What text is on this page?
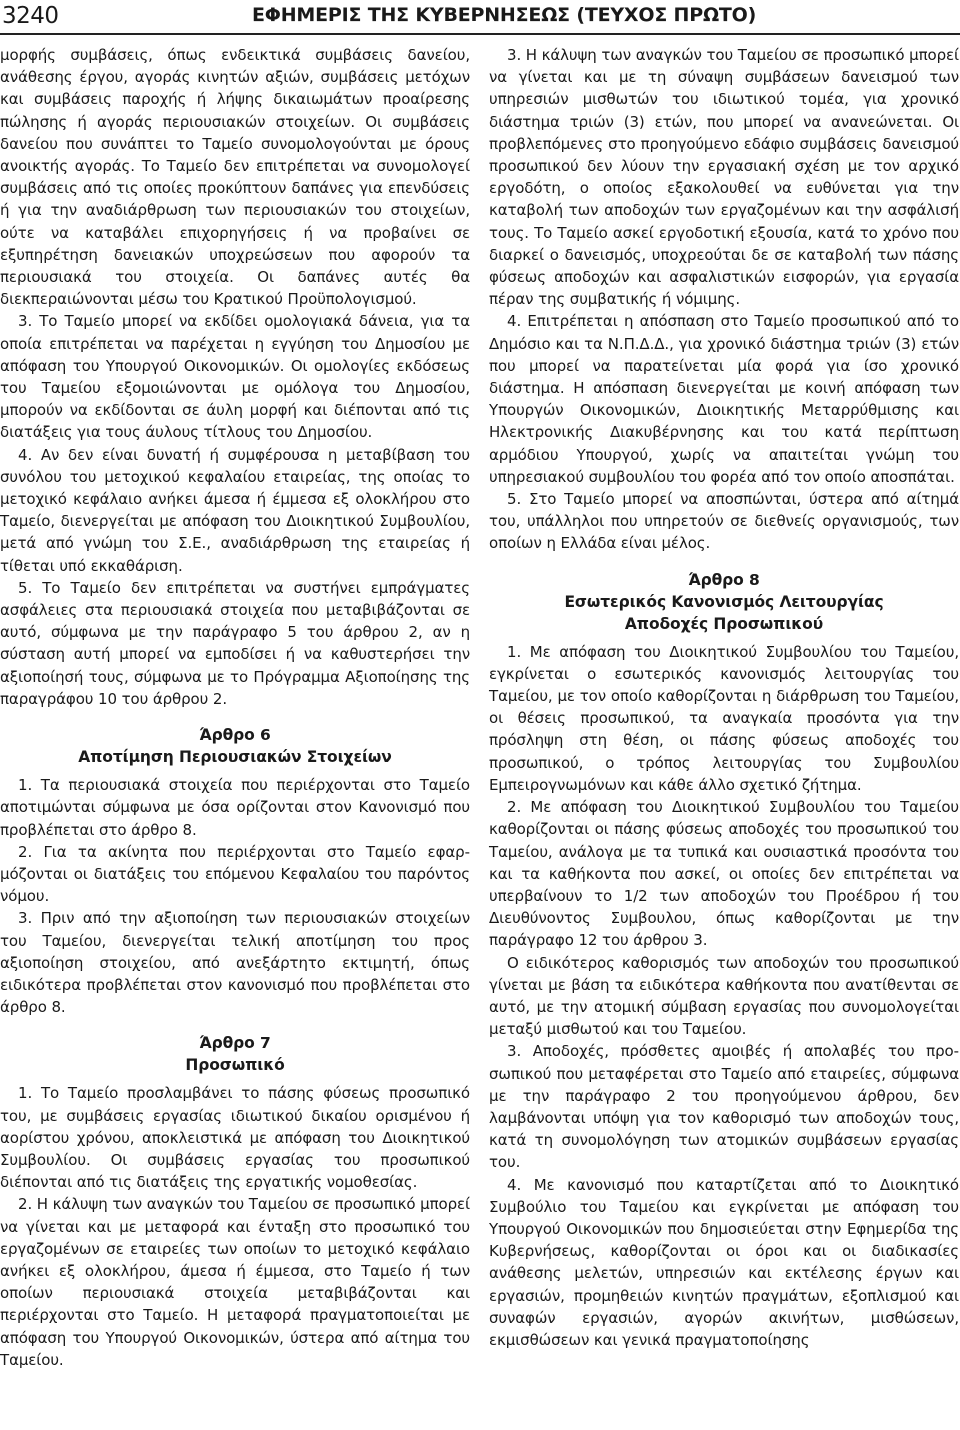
3240	ΕΦΗΜΕΡΙΣ ΤΗΣ ΚΥΒΕΡΝΗΣΕΩΣ (ΤΕΥΧΟΣ ΠΡΩΤΟ)

μορφής συμβάσεις, όπως ενδεικτικά συμβάσεις δανείου, ανάθεσης έργου, αγοράς κινητών αξιών, συμβάσεις μετόχων και συμβάσεις παροχής ή λήψης δικαιωμάτων προαίρεσης πώλησης ή αγοράς περιουσιακών στοιχείων. Οι συμβάσεις δανείου που συνάπτει το Ταμείο συνομολογούνται με όρους ανοικτής αγοράς. Το Ταμείο δεν επιτρέπεται να συνομολογεί συμβάσεις από τις οποίες προκύπτουν δαπάνες για επενδύσεις ή για την αναδιάρθρωση των περιουσιακών του στοιχείων, ούτε να καταβάλει επιχορηγήσεις ή να προβαίνει σε εξυπηρέτηση δανειακών υποχρεώσεων που αφορούν τα περιουσιακά του στοιχεία. Οι δαπάνες αυτές θα διεκπεραιώνονται μέσω του Κρατικού Προϋπολογισμού.

3. Το Ταμείο μπορεί να εκδίδει ομολογιακά δάνεια, για τα οποία επιτρέπεται να παρέχεται η εγγύηση του Δημοσίου με απόφαση του Υπουργού Οικονομικών. Οι ομολογίες εκδόσεως του Ταμείου εξομοιώνονται με ομόλογα του Δημοσίου, μπορούν να εκδίδονται σε άυλη μορφή και διέπονται από τις διατάξεις για τους άυλους τίτλους του Δημοσίου.

4. Αν δεν είναι δυνατή ή συμφέρουσα η μεταβίβαση του συνόλου του μετοχικού κεφαλαίου εταιρείας, της οποίας το μετοχικό κεφάλαιο ανήκει άμεσα ή έμμεσα εξ ολοκλήρου στο Ταμείο, διενεργείται με απόφαση του Διοικητικού Συμβουλίου, μετά από γνώμη του Σ.Ε., αναδιάρθρωση της εταιρείας ή τίθεται υπό εκκαθάριση.

5. Το Ταμείο δεν επιτρέπεται να συστήνει εμπράγματες ασφάλειες στα περιουσιακά στοιχεία που μεταβιβάζονται σε αυτό, σύμφωνα με την παράγραφο 5 του άρθρου 2, αν η σύσταση αυτή μπορεί να εμποδίσει ή να καθυστερήσει την αξιοποίησή τους, σύμφωνα με το Πρόγραμμα Αξιοποίησης της παραγράφου 10 του άρθρου 2.

Άρθρο 6
Αποτίμηση Περιουσιακών Στοιχείων

1. Τα περιουσιακά στοιχεία που περιέρχονται στο Ταμείο αποτιμώνται σύμφωνα με όσα ορίζονται στον Κανονισμό που προβλέπεται στο άρθρο 8.

2. Για τα ακίνητα που περιέρχονται στο Ταμείο εφαρμόζονται οι διατάξεις του επόμενου Κεφαλαίου του παρόντος νόμου.

3. Πριν από την αξιοποίηση των περιουσιακών στοιχείων του Ταμείου, διενεργείται τελική αποτίμηση του προς αξιοποίηση στοιχείου, από ανεξάρτητο εκτιμητή, όπως ειδικότερα προβλέπεται στον κανονισμό που προβλέπεται στο άρθρο 8.

Άρθρο 7
Προσωπικό

1. Το Ταμείο προσλαμβάνει το πάσης φύσεως προσωπικό του, με συμβάσεις εργασίας ιδιωτικού δικαίου ορισμένου ή αορίστου χρόνου, αποκλειστικά με απόφαση του Διοικητικού Συμβουλίου. Οι συμβάσεις εργασίας του προσωπικού διέπονται από τις διατάξεις της εργατικής νομοθεσίας.

2. Η κάλυψη των αναγκών του Ταμείου σε προσωπικό μπορεί να γίνεται και με μεταφορά και ένταξη στο προσωπικό του εργαζομένων σε εταιρείες των οποίων το μετοχικό κεφάλαιο ανήκει εξ ολοκλήρου, άμεσα ή έμμεσα, στο Ταμείο ή των οποίων περιουσιακά στοιχεία μεταβιβάζονται και περιέρχονται στο Ταμείο. Η μεταφορά πραγματοποιείται με απόφαση του Υπουργού Οικονομικών, ύστερα από αίτημα του Ταμείου.

3. Η κάλυψη των αναγκών του Ταμείου σε προσωπικό μπορεί να γίνεται και με τη σύναψη συμβάσεων δανεισμού των υπηρεσιών μισθωτών του ιδιωτικού τομέα, για χρονικό διάστημα τριών (3) ετών, που μπορεί να ανανεώνεται. Οι προβλεπόμενες στο προηγούμενο εδάφιο συμβάσεις δανεισμού προσωπικού δεν λύουν την εργασιακή σχέση με τον αρχικό εργοδότη, ο οποίος εξακολουθεί να ευθύνεται για την καταβολή των αποδοχών των εργαζομένων και την ασφάλισή τους. Το Ταμείο ασκεί εργοδοτική εξουσία, κατά το χρόνο που διαρκεί ο δανεισμός, υποχρεούται δε σε καταβολή των πάσης φύσεως αποδοχών και ασφαλιστικών εισφορών, για εργασία πέραν της συμβατικής ή νόμιμης.

4. Επιτρέπεται η απόσπαση στο Ταμείο προσωπικού από το Δημόσιο και τα Ν.Π.Δ.Δ., για χρονικό διάστημα τριών (3) ετών που μπορεί να παρατείνεται μία φορά για ίσο χρονικό διάστημα. Η απόσπαση διενεργείται με κοινή απόφαση των Υπουργών Οικονομικών, Διοικητικής Μεταρρύθμισης και Ηλεκτρονικής Διακυβέρνησης και του κατά περίπτωση αρμόδιου Υπουργού, χωρίς να απαιτείται γνώμη του υπηρεσιακού συμβουλίου του φορέα από τον οποίο αποσπάται.

5. Στο Ταμείο μπορεί να αποσπώνται, ύστερα από αίτημά του, υπάλληλοι που υπηρετούν σε διεθνείς οργανισμούς, των οποίων η Ελλάδα είναι μέλος.

Άρθρο 8
Εσωτερικός Κανονισμός Λειτουργίας
Αποδοχές Προσωπικού

1. Με απόφαση του Διοικητικού Συμβουλίου του Ταμείου, εγκρίνεται ο εσωτερικός κανονισμός λειτουργίας του Ταμείου, με τον οποίο καθορίζονται η διάρθρωση του Ταμείου, οι θέσεις προσωπικού, τα αναγκαία προσόντα για την πρόσληψη στη θέση, οι πάσης φύσεως αποδοχές του προσωπικού, ο τρόπος λειτουργίας του Συμβουλίου Εμπειρογνωμόνων και κάθε άλλο σχετικό ζήτημα.

2. Με απόφαση του Διοικητικού Συμβουλίου του Ταμείου καθορίζονται οι πάσης φύσεως αποδοχές του προσωπικού του Ταμείου, ανάλογα με τα τυπικά και ουσιαστικά προσόντα του και τα καθήκοντα που ασκεί, οι οποίες δεν επιτρέπεται να υπερβαίνουν το 1/2 των αποδοχών του Προέδρου ή του Διευθύνοντος Συμβουλου, όπως καθορίζονται με την παράγραφο 12 του άρθρου 3.

Ο ειδικότερος καθορισμός των αποδοχών του προσωπικού γίνεται με βάση τα ειδικότερα καθήκοντα που ανατίθενται σε αυτό, με την ατομική σύμβαση εργασίας που συνομολογείται μεταξύ μισθωτού και του Ταμείου.

3. Αποδοχές, πρόσθετες αμοιβές ή απολαβές του προσωπικού που μεταφέρεται στο Ταμείο από εταιρείες, σύμφωνα με την παράγραφο 2 του προηγούμενου άρθρου, δεν λαμβάνονται υπόψη για τον καθορισμό των αποδοχών τους, κατά τη συνομολόγηση των ατομικών συμβάσεων εργασίας του.

4. Με κανονισμό που καταρτίζεται από το Διοικητικό Συμβούλιο του Ταμείου και εγκρίνεται με απόφαση του Υπουργού Οικονομικών που δημοσιεύεται στην Εφημερίδα της Κυβερνήσεως, καθορίζονται οι όροι και οι διαδικασίες ανάθεσης μελετών, υπηρεσιών και εκτέλεσης έργων και εργασιών, προμηθειών κινητών πραγμάτων, εξοπλισμού και συναφών εργασιών, αγορών ακινήτων, μισθώσεων, εκμισθώσεων και γενικά πραγματοποίησης
